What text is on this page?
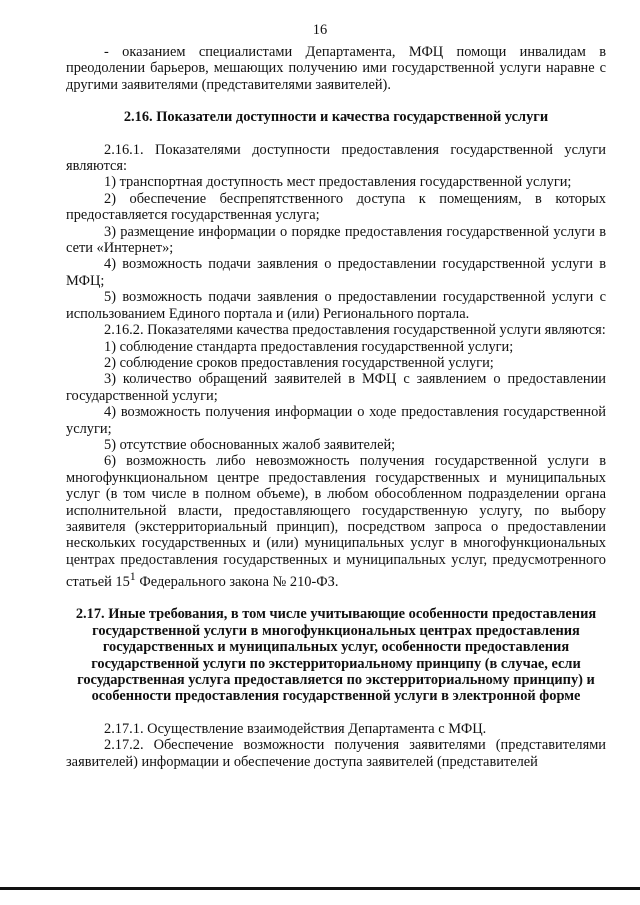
16

- оказанием специалистами Департамента, МФЦ помощи инвалидам в преодолении барьеров, мешающих получению ими государственной услуги наравне с другими заявителями (представителями заявителей).

2.16. Показатели доступности и качества государственной услуги

2.16.1. Показателями доступности предоставления государственной услуги являются:

1) транспортная доступность мест предоставления государственной услуги;

2) обеспечение беспрепятственного доступа к помещениям, в которых предоставляется государственная услуга;

3) размещение информации о порядке предоставления государственной услуги в сети «Интернет»;

4) возможность подачи заявления о предоставлении государственной услуги в МФЦ;

5) возможность подачи заявления о предоставлении государственной услуги с использованием Единого портала и (или) Регионального портала.

2.16.2. Показателями качества предоставления государственной услуги являются:

1) соблюдение стандарта предоставления государственной услуги;

2) соблюдение сроков предоставления государственной услуги;

3) количество обращений заявителей в МФЦ с заявлением о предоставлении государственной услуги;

4) возможность получения информации о ходе предоставления государственной услуги;

5) отсутствие обоснованных жалоб заявителей;

6) возможность либо невозможность получения государственной услуги в многофункциональном центре предоставления государственных и муниципальных услуг (в том числе в полном объеме), в любом обособленном подразделении органа исполнительной власти, предоставляющего государственную услугу, по выбору заявителя (экстерриториальный принцип), посредством запроса о предоставлении нескольких государственных и (или) муниципальных услуг в многофункциональных центрах предоставления государственных и муниципальных услуг, предусмотренного статьей $15^1$ Федерального закона № 210-ФЗ.

2.17. Иные требования, в том числе учитывающие особенности предоставления государственной услуги в многофункциональных центрах предоставления государственных и муниципальных услуг, особенности предоставления государственной услуги по экстерриториальному принципу (в случае, если государственная услуга предоставляется по экстерриториальному принципу) и особенности предоставления государственной услуги в электронной форме

2.17.1. Осуществление взаимодействия Департамента с МФЦ.

2.17.2. Обеспечение возможности получения заявителями (представителями заявителей) информации и обеспечение доступа заявителей (представителей
